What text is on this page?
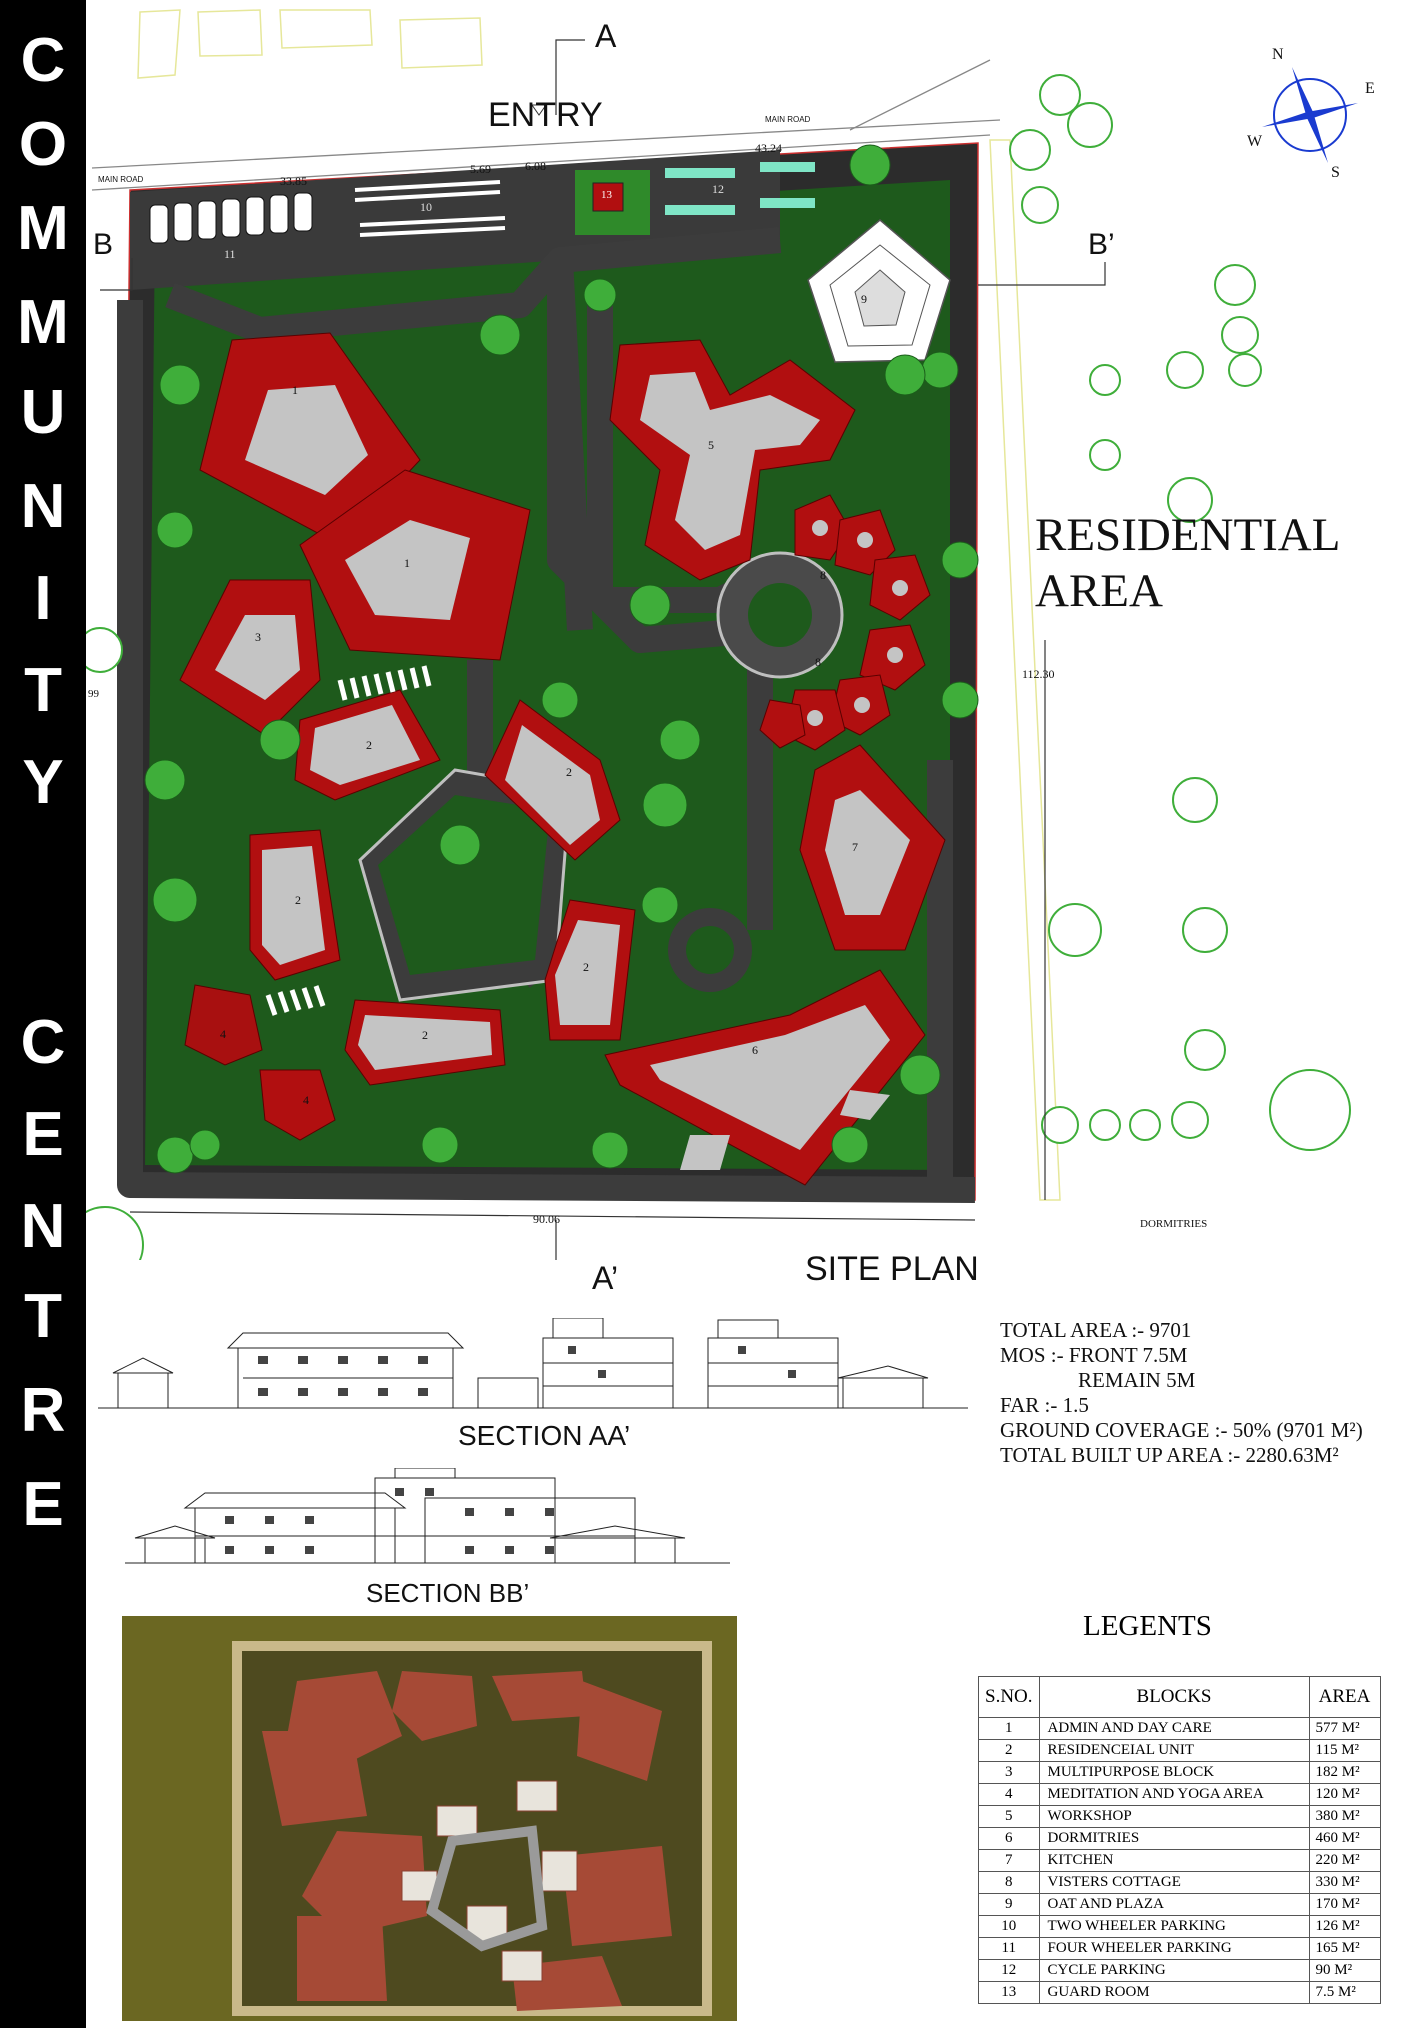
C
O
M
M
U
N
I
T
Y
C
E
N
T
R
E
ENTRY
A
A’
B	B’
MAIN ROAD
MAIN ROAD
RESIDENTIAL
AREA
DORMITRIES
SITE PLAN
33.85
5.69	6.08
43.24
112.30
90.06
99
N
S
E
W
1
1
3
2
2
2
2
2
4
4
5
6
7
8
8
9
10
11
12
13
SECTION AA’
SECTION BB’
TOTAL AREA :- 9701
MOS :- FRONT 7.5M
REMAIN 5M
FAR :- 1.5
GROUND COVERAGE :- 50% (9701 M²)
TOTAL BUILT UP AREA :- 2280.63M²
LEGENTS
S.NO.	BLOCKS	AREA
1	ADMIN AND DAY CARE	577 M²
2	RESIDENCEIAL UNIT	115 M²
3	MULTIPURPOSE BLOCK	182 M²
4	MEDITATION AND YOGA AREA	120 M²
5	WORKSHOP	380 M²
6	DORMITRIES	460 M²
7	KITCHEN	220 M²
8	VISTERS COTTAGE	330 M²
9	OAT AND PLAZA	170 M²
10	TWO WHEELER PARKING	126 M²
11	FOUR WHEELER PARKING	165 M²
12	CYCLE PARKING	90 M²
13	GUARD ROOM	7.5 M²
